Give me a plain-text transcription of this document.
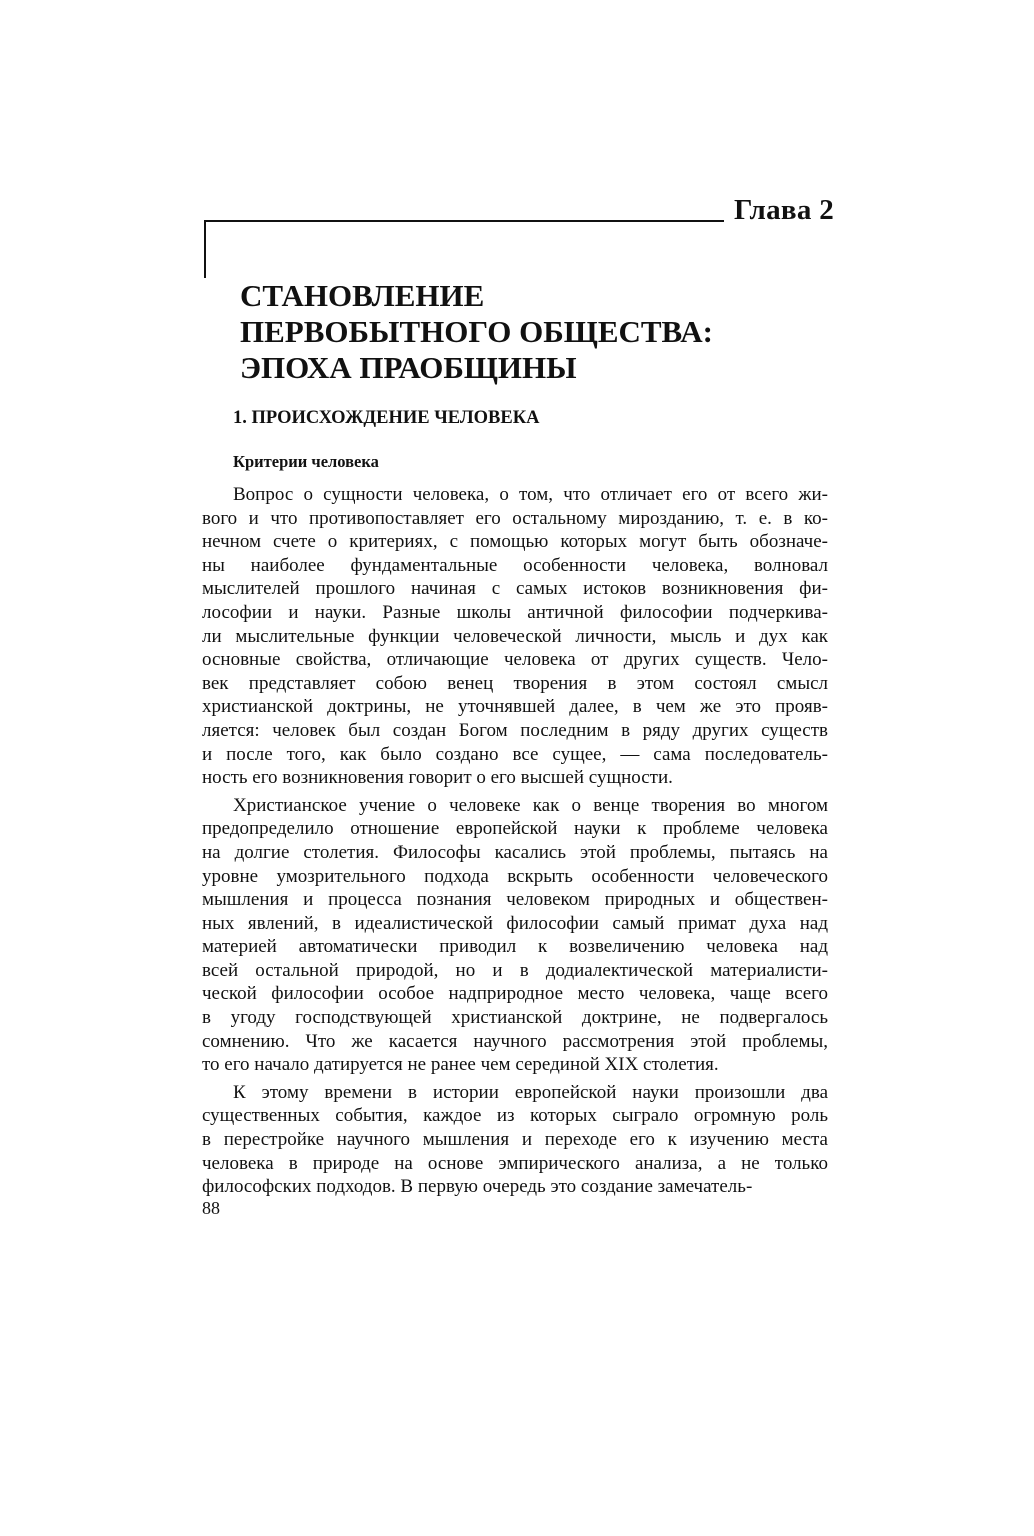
Глава 2
СТАНОВЛЕНИЕ
ПЕРВОБЫТНОГО ОБЩЕСТВА:
ЭПОХА ПРАОБЩИНЫ
1. ПРОИСХОЖДЕНИЕ ЧЕЛОВЕКА
Критерии человека

Вопрос о сущности человека, о том, что отличает его от всего жи-
вого и что противопоставляет его остальному мирозданию, т. е. в ко-
нечном счете о критериях, с помощью которых могут быть обозначе-
ны наиболее фундаментальные особенности человека, волновал
мыслителей прошлого начиная с самых истоков возникновения фи-
лософии и науки. Разные школы античной философии подчеркива-
ли мыслительные функции человеческой личности, мысль и дух как
основные свойства, отличающие человека от других существ. Чело-
век представляет собою венец творения в этом состоял смысл
христианской доктрины, не уточнявшей далее, в чем же это прояв-
ляется: человек был создан Богом последним в ряду других существ
и после того, как было создано все сущее, — сама последователь-
ность его возникновения говорит о его высшей сущности.

Христианское учение о человеке как о венце творения во многом
предопределило отношение европейской науки к проблеме человека
на долгие столетия. Философы касались этой проблемы, пытаясь на
уровне умозрительного подхода вскрыть особенности человеческого
мышления и процесса познания человеком природных и обществен-
ных явлений, в идеалистической философии самый примат духа над
материей автоматически приводил к возвеличению человека над
всей остальной природой, но и в додиалектической материалисти-
ческой философии особое надприродное место человека, чаще всего
в угоду господствующей христианской доктрине, не подвергалось
сомнению. Что же касается научного рассмотрения этой проблемы,
то его начало датируется не ранее чем серединой XIX столетия.

К этому времени в истории европейской науки произошли два
существенных события, каждое из которых сыграло огромную роль
в перестройке научного мышления и переходе его к изучению места
человека в природе на основе эмпирического анализа, а не только
философских подходов. В первую очередь это создание замечатель-

88
